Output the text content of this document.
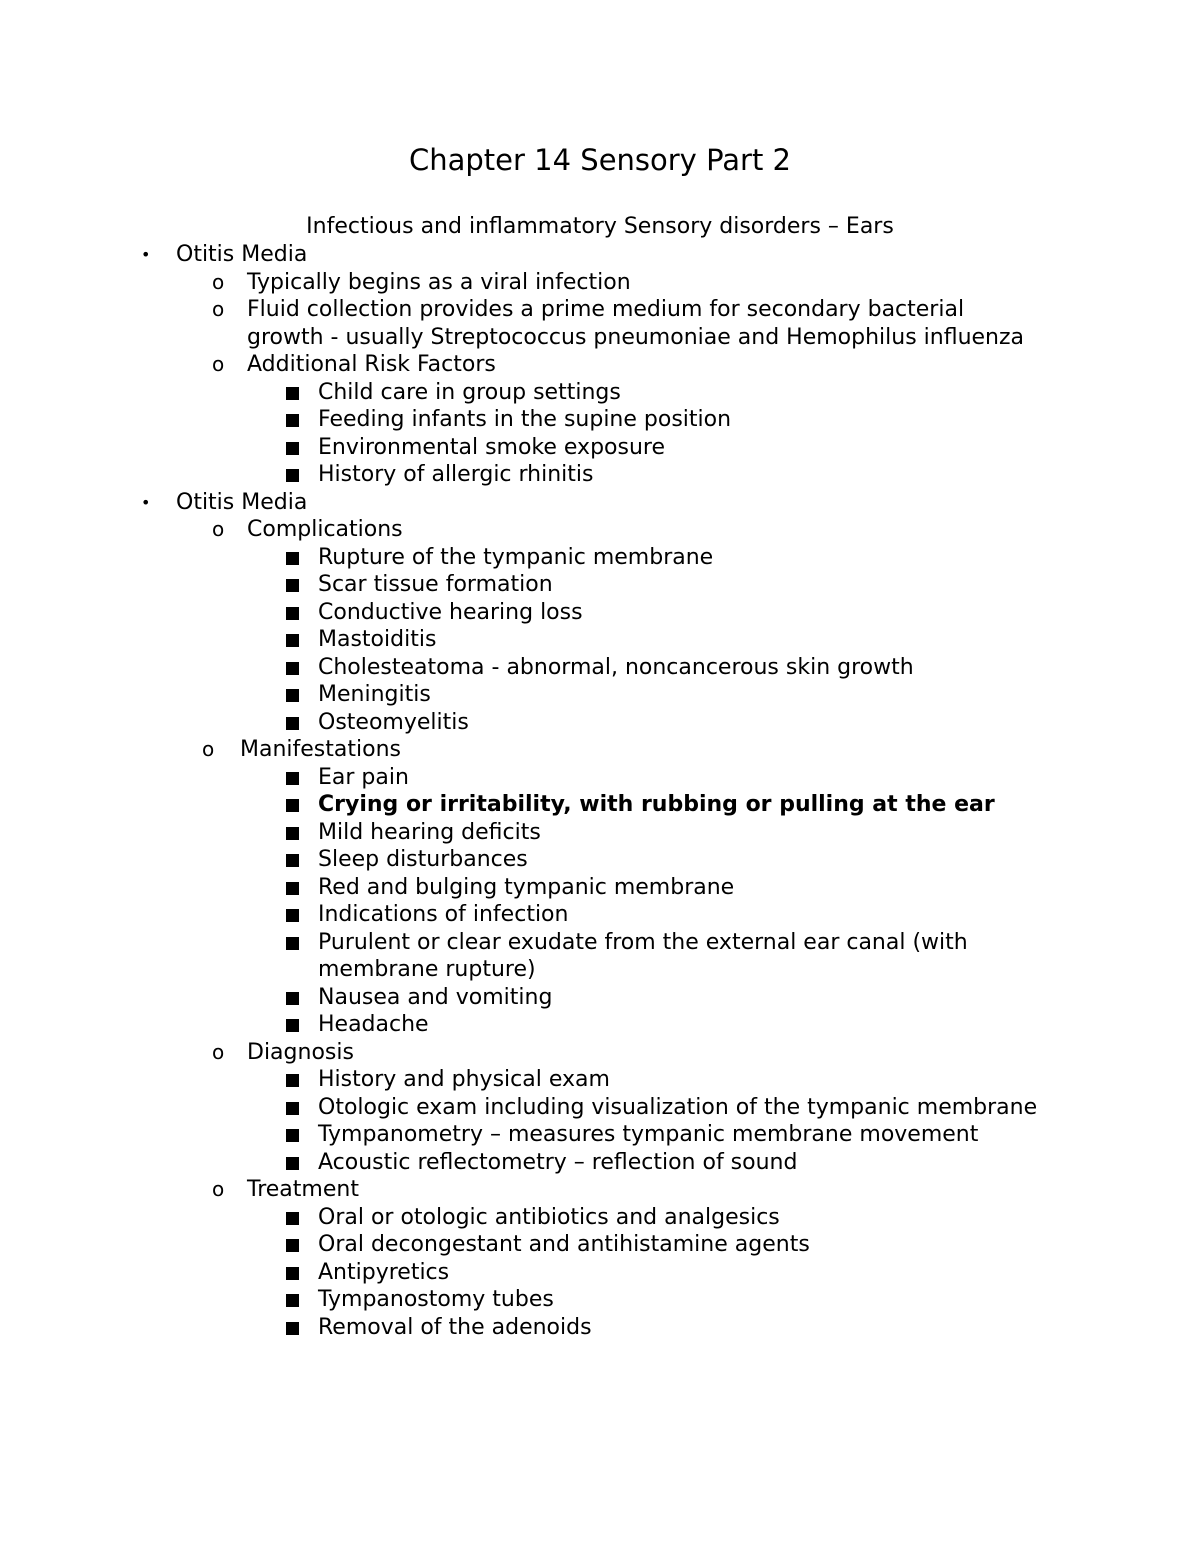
Chapter 14 Sensory Part 2
Infectious and inflammatory Sensory disorders – Ears
• Otitis Media
o Typically begins as a viral infection
o Fluid collection provides a prime medium for secondary bacterial growth - usually Streptococcus pneumoniae and Hemophilus influenza
o Additional Risk Factors
Child care in group settings
Feeding infants in the supine position
Environmental smoke exposure
History of allergic rhinitis
• Otitis Media
o Complications
Rupture of the tympanic membrane
Scar tissue formation
Conductive hearing loss
Mastoiditis
Cholesteatoma - abnormal, noncancerous skin growth
Meningitis
Osteomyelitis
o Manifestations
Ear pain
Crying or irritability, with rubbing or pulling at the ear
Mild hearing deficits
Sleep disturbances
Red and bulging tympanic membrane
Indications of infection
Purulent or clear exudate from the external ear canal (with membrane rupture)
Nausea and vomiting
Headache
o Diagnosis
History and physical exam
Otologic exam including visualization of the tympanic membrane
Tympanometry – measures tympanic membrane movement
Acoustic reflectometry – reflection of sound
o Treatment
Oral or otologic antibiotics and analgesics
Oral decongestant and antihistamine agents
Antipyretics
Tympanostomy tubes
Removal of the adenoids
